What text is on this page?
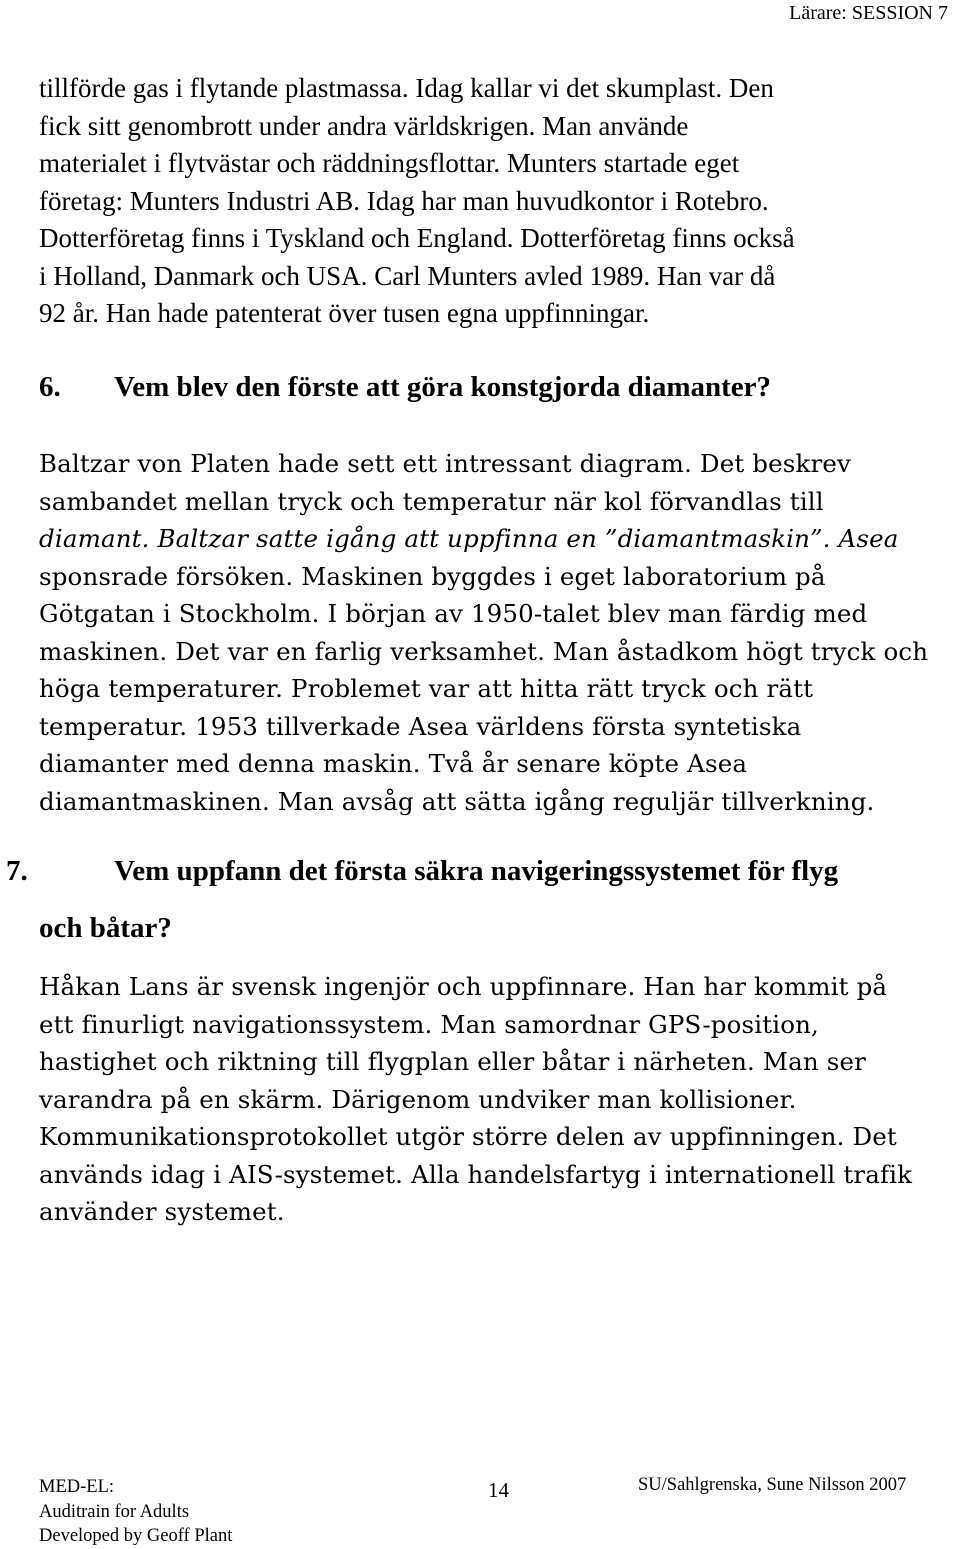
Lärare: SESSION 7
tillförde gas i flytande plastmassa. Idag kallar vi det skumplast. Den
fick sitt genombrott under andra världskrigen. Man använde
materialet i flytvästar och räddningsflottar. Munters startade eget
företag: Munters Industri AB. Idag har man huvudkontor i Rotebro.
Dotterföretag finns i Tyskland och England. Dotterföretag finns också
i Holland, Danmark och USA. Carl Munters avled 1989. Han var då
92 år. Han hade patenterat över tusen egna uppfinningar.
6. Vem blev den förste att göra konstgjorda diamanter?
Baltzar von Platen hade sett ett intressant diagram. Det beskrev
sambandet mellan tryck och temperatur när kol förvandlas till
diamant. Baltzar satte igång att uppfinna en ”diamantmaskin”. Asea
sponsrade försöken. Maskinen byggdes i eget laboratorium på
Götgatan i Stockholm. I början av 1950-talet blev man färdig med
maskinen. Det var en farlig verksamhet. Man åstadkom högt tryck och
höga temperaturer. Problemet var att hitta rätt tryck och rätt
temperatur. 1953 tillverkade Asea världens första syntetiska
diamanter med denna maskin. Två år senare köpte Asea
diamantmaskinen. Man avsåg att sätta igång reguljär tillverkning.
7.	Vem uppfann det första säkra navigeringssystemet för flyg
och båtar?
Håkan Lans är svensk ingenjör och uppfinnare. Han har kommit på
ett finurligt navigationssystem. Man samordnar GPS-position,
hastighet och riktning till flygplan eller båtar i närheten. Man ser
varandra på en skärm. Därigenom undviker man kollisioner.
Kommunikationsprotokollet utgör större delen av uppfinningen. Det
används idag i AIS-systemet. Alla handelsfartyg i internationell trafik
använder systemet.
MED-EL:
Auditrain for Adults
Developed by Geoff Plant
14	SU/Sahlgrenska, Sune Nilsson 2007
